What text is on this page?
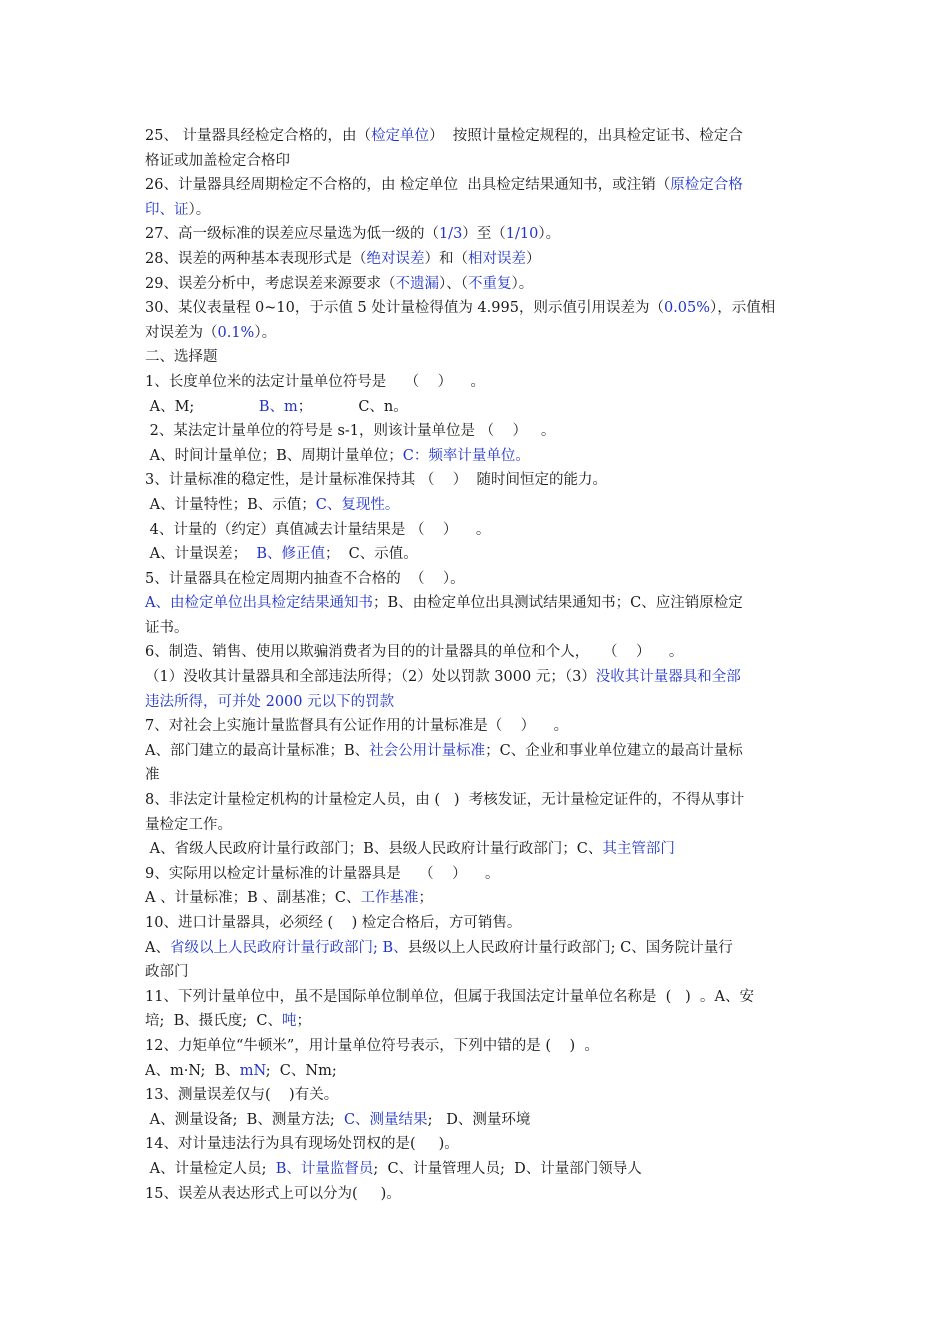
25、 计量器具经检定合格的，由（检定单位）  按照计量检定规程的，出具检定证书、检定合
格证或加盖检定合格印
26、计量器具经周期检定不合格的，由 检定单位  出具检定结果通知书，或注销（原检定合格
印、证）。
27、高一级标准的误差应尽量选为低一级的（1/3）至（1/10）。
28、误差的两种基本表现形式是（绝对误差）和（相对误差）
29、误差分析中，考虑误差来源要求（不遗漏）、（不重复）。
30、某仪表量程 0~10，于示值 5 处计量检得值为 4.995，则示值引用误差为（0.05%），示值相
对误差为（0.1%）。
二、选择题
1、长度单位米的法定计量单位符号是    （    ）    。
A、M;              B、m；          C、n。
2、某法定计量单位的符号是 s-1，则该计量单位是 （    ）   。
A、时间计量单位；B、周期计量单位；C：频率计量单位。
3、计量标准的稳定性，是计量标准保持其 （    ）  随时间恒定的能力。
A、计量特性；B、示值；C、复现性。
4、计量的（约定）真值减去计量结果是 （    ）    。
A、计量误差；  B、修正值；  C、示值。
5、计量器具在检定周期内抽查不合格的  （    ）。
A、由检定单位出具检定结果通知书；B、由检定单位出具测试结果通知书；C、应注销原检定
证书。
6、制造、销售、使用以欺骗消费者为目的的计量器具的单位和个人，   （    ）    。
（1）没收其计量器具和全部违法所得；（2）处以罚款 3000 元；（3）没收其计量器具和全部
违法所得，可并处 2000 元以下的罚款
7、对社会上实施计量监督具有公证作用的计量标准是（    ）    。
A、部门建立的最高计量标准；B、社会公用计量标准；C、企业和事业单位建立的最高计量标
准
8、非法定计量检定机构的计量检定人员，由 (   )  考核发证，无计量检定证件的，不得从事计
量检定工作。
A、省级人民政府计量行政部门；B、县级人民政府计量行政部门；C、其主管部门
9、实际用以检定计量标准的计量器具是    （    ）    。
A 、计量标准；B 、副基准；C、工作基准；
10、进口计量器具，必须经 (    ) 检定合格后，方可销售。
A、省级以上人民政府计量行政部门; B、县级以上人民政府计量行政部门; C、国务院计量行
政部门
11、下列计量单位中，虽不是国际单位制单位，但属于我国法定计量单位名称是  (   )  。A、安
培;  B、摄氏度;  C、吨；
12、力矩单位“牛顿米”，用计量单位符号表示，下列中错的是 (    )  。
A、m·N;  B、mN;  C、Nm;
13、测量误差仅与(    )有关。
A、测量设备;  B、测量方法;  C、测量结果;   D、测量环境
14、对计量违法行为具有现场处罚权的是(     )。
A、计量检定人员;  B、计量监督员;  C、计量管理人员;  D、计量部门领导人
15、误差从表达形式上可以分为(     )。
